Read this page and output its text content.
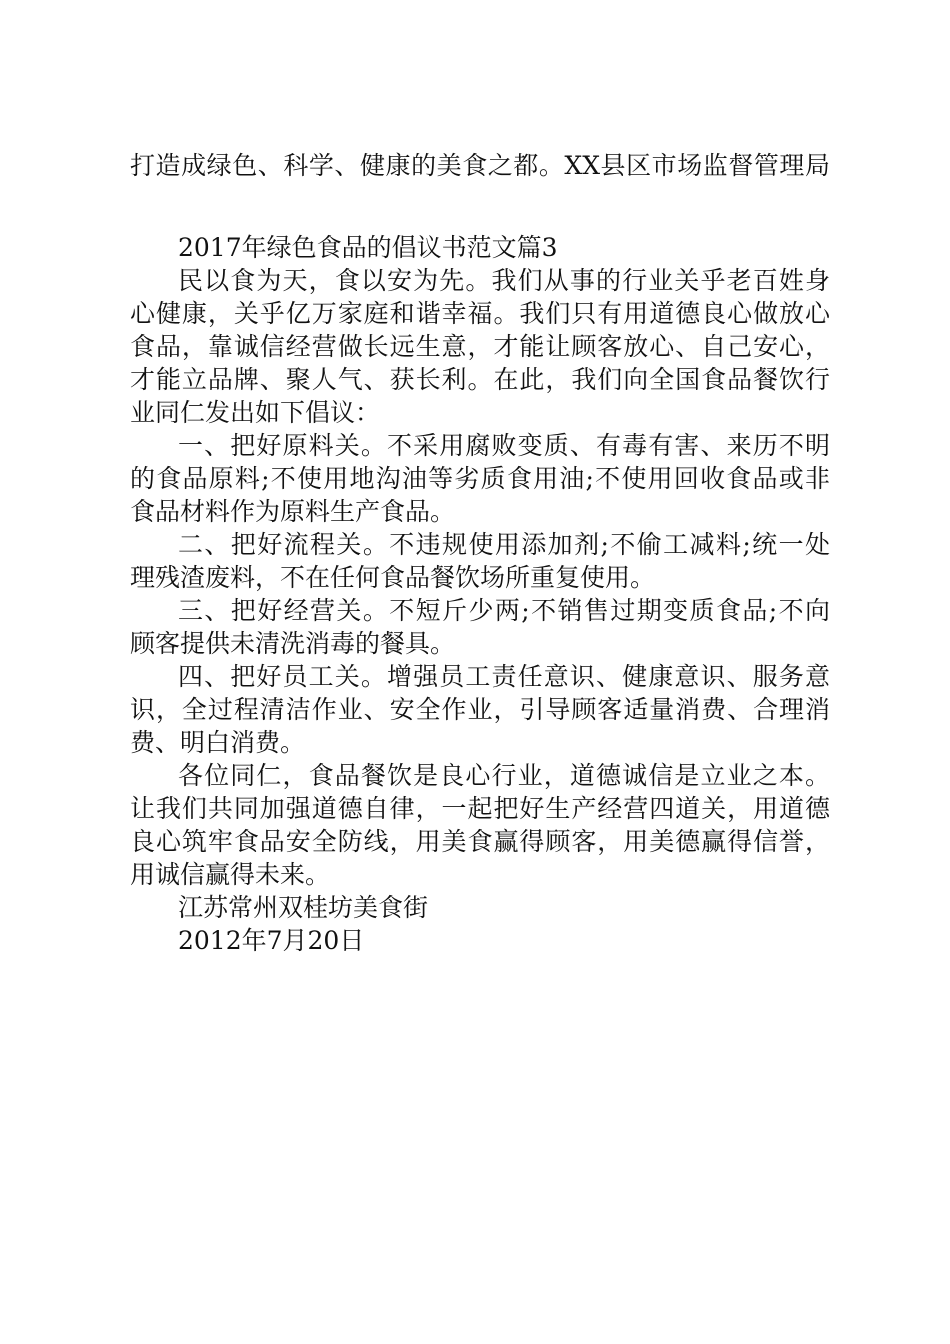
打造成绿色、科学、健康的美食之都。XX县区市场监督管理局
2017年绿色食品的倡议书范文篇3
民以食为天，食以安为先。我们从事的行业关乎老百姓身
心健康，关乎亿万家庭和谐幸福。我们只有用道德良心做放心
食品，靠诚信经营做长远生意，才能让顾客放心、自己安心，
才能立品牌、聚人气、获长利。在此，我们向全国食品餐饮行
业同仁发出如下倡议：
一、把好原料关。不采用腐败变质、有毒有害、来历不明
的食品原料;不使用地沟油等劣质食用油;不使用回收食品或非
食品材料作为原料生产食品。
二、把好流程关。不违规使用添加剂;不偷工减料;统一处
理残渣废料，不在任何食品餐饮场所重复使用。
三、把好经营关。不短斤少两;不销售过期变质食品;不向
顾客提供未清洗消毒的餐具。
四、把好员工关。增强员工责任意识、健康意识、服务意
识，全过程清洁作业、安全作业，引导顾客适量消费、合理消
费、明白消费。
各位同仁，食品餐饮是良心行业，道德诚信是立业之本。
让我们共同加强道德自律，一起把好生产经营四道关，用道德
良心筑牢食品安全防线，用美食赢得顾客，用美德赢得信誉，
用诚信赢得未来。
江苏常州双桂坊美食街
2012年7月20日
